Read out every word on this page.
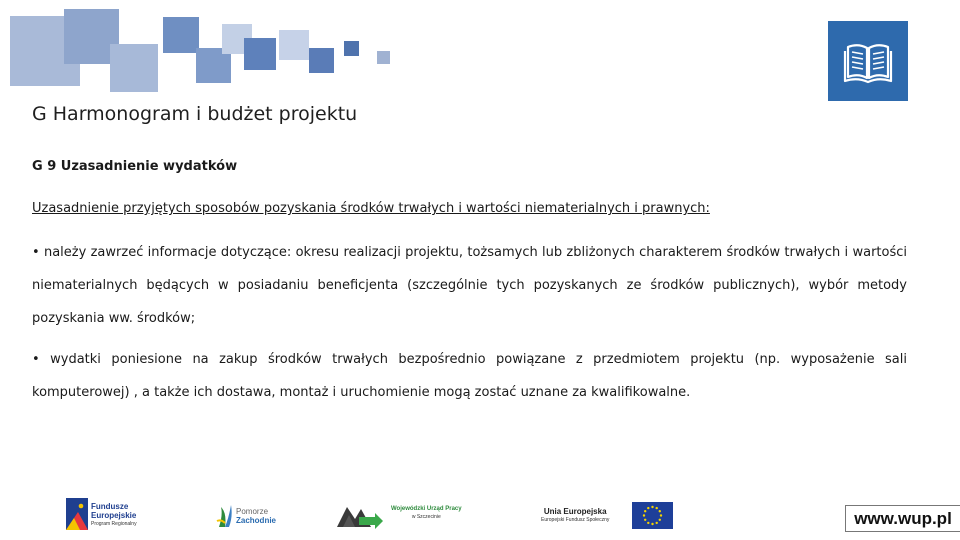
G Harmonogram i budżet projektu
G 9 Uzasadnienie wydatków
Uzasadnienie przyjętych sposobów pozyskania środków trwałych i wartości niematerialnych i prawnych:
• należy zawrzeć informacje dotyczące: okresu realizacji projektu, tożsamych lub zbliżonych charakterem środków trwałych i wartości niematerialnych będących w posiadaniu beneficjenta (szczególnie tych pozyskanych ze środków publicznych), wybór metody pozyskania ww. środków;
• wydatki poniesione na zakup środków trwałych bezpośrednio powiązane z przedmiotem projektu (np. wyposażenie sali komputerowej) , a także ich dostawa, montaż i uruchomienie mogą zostać uznane za kwalifikowalne.
Fundusze
Europejskie
Program Regionalny
Pomorze
Zachodnie
Wojewódzki Urząd Pracy
w Szczecinie
Unia Europejska
Europejski Fundusz Społeczny	www.wup.pl
